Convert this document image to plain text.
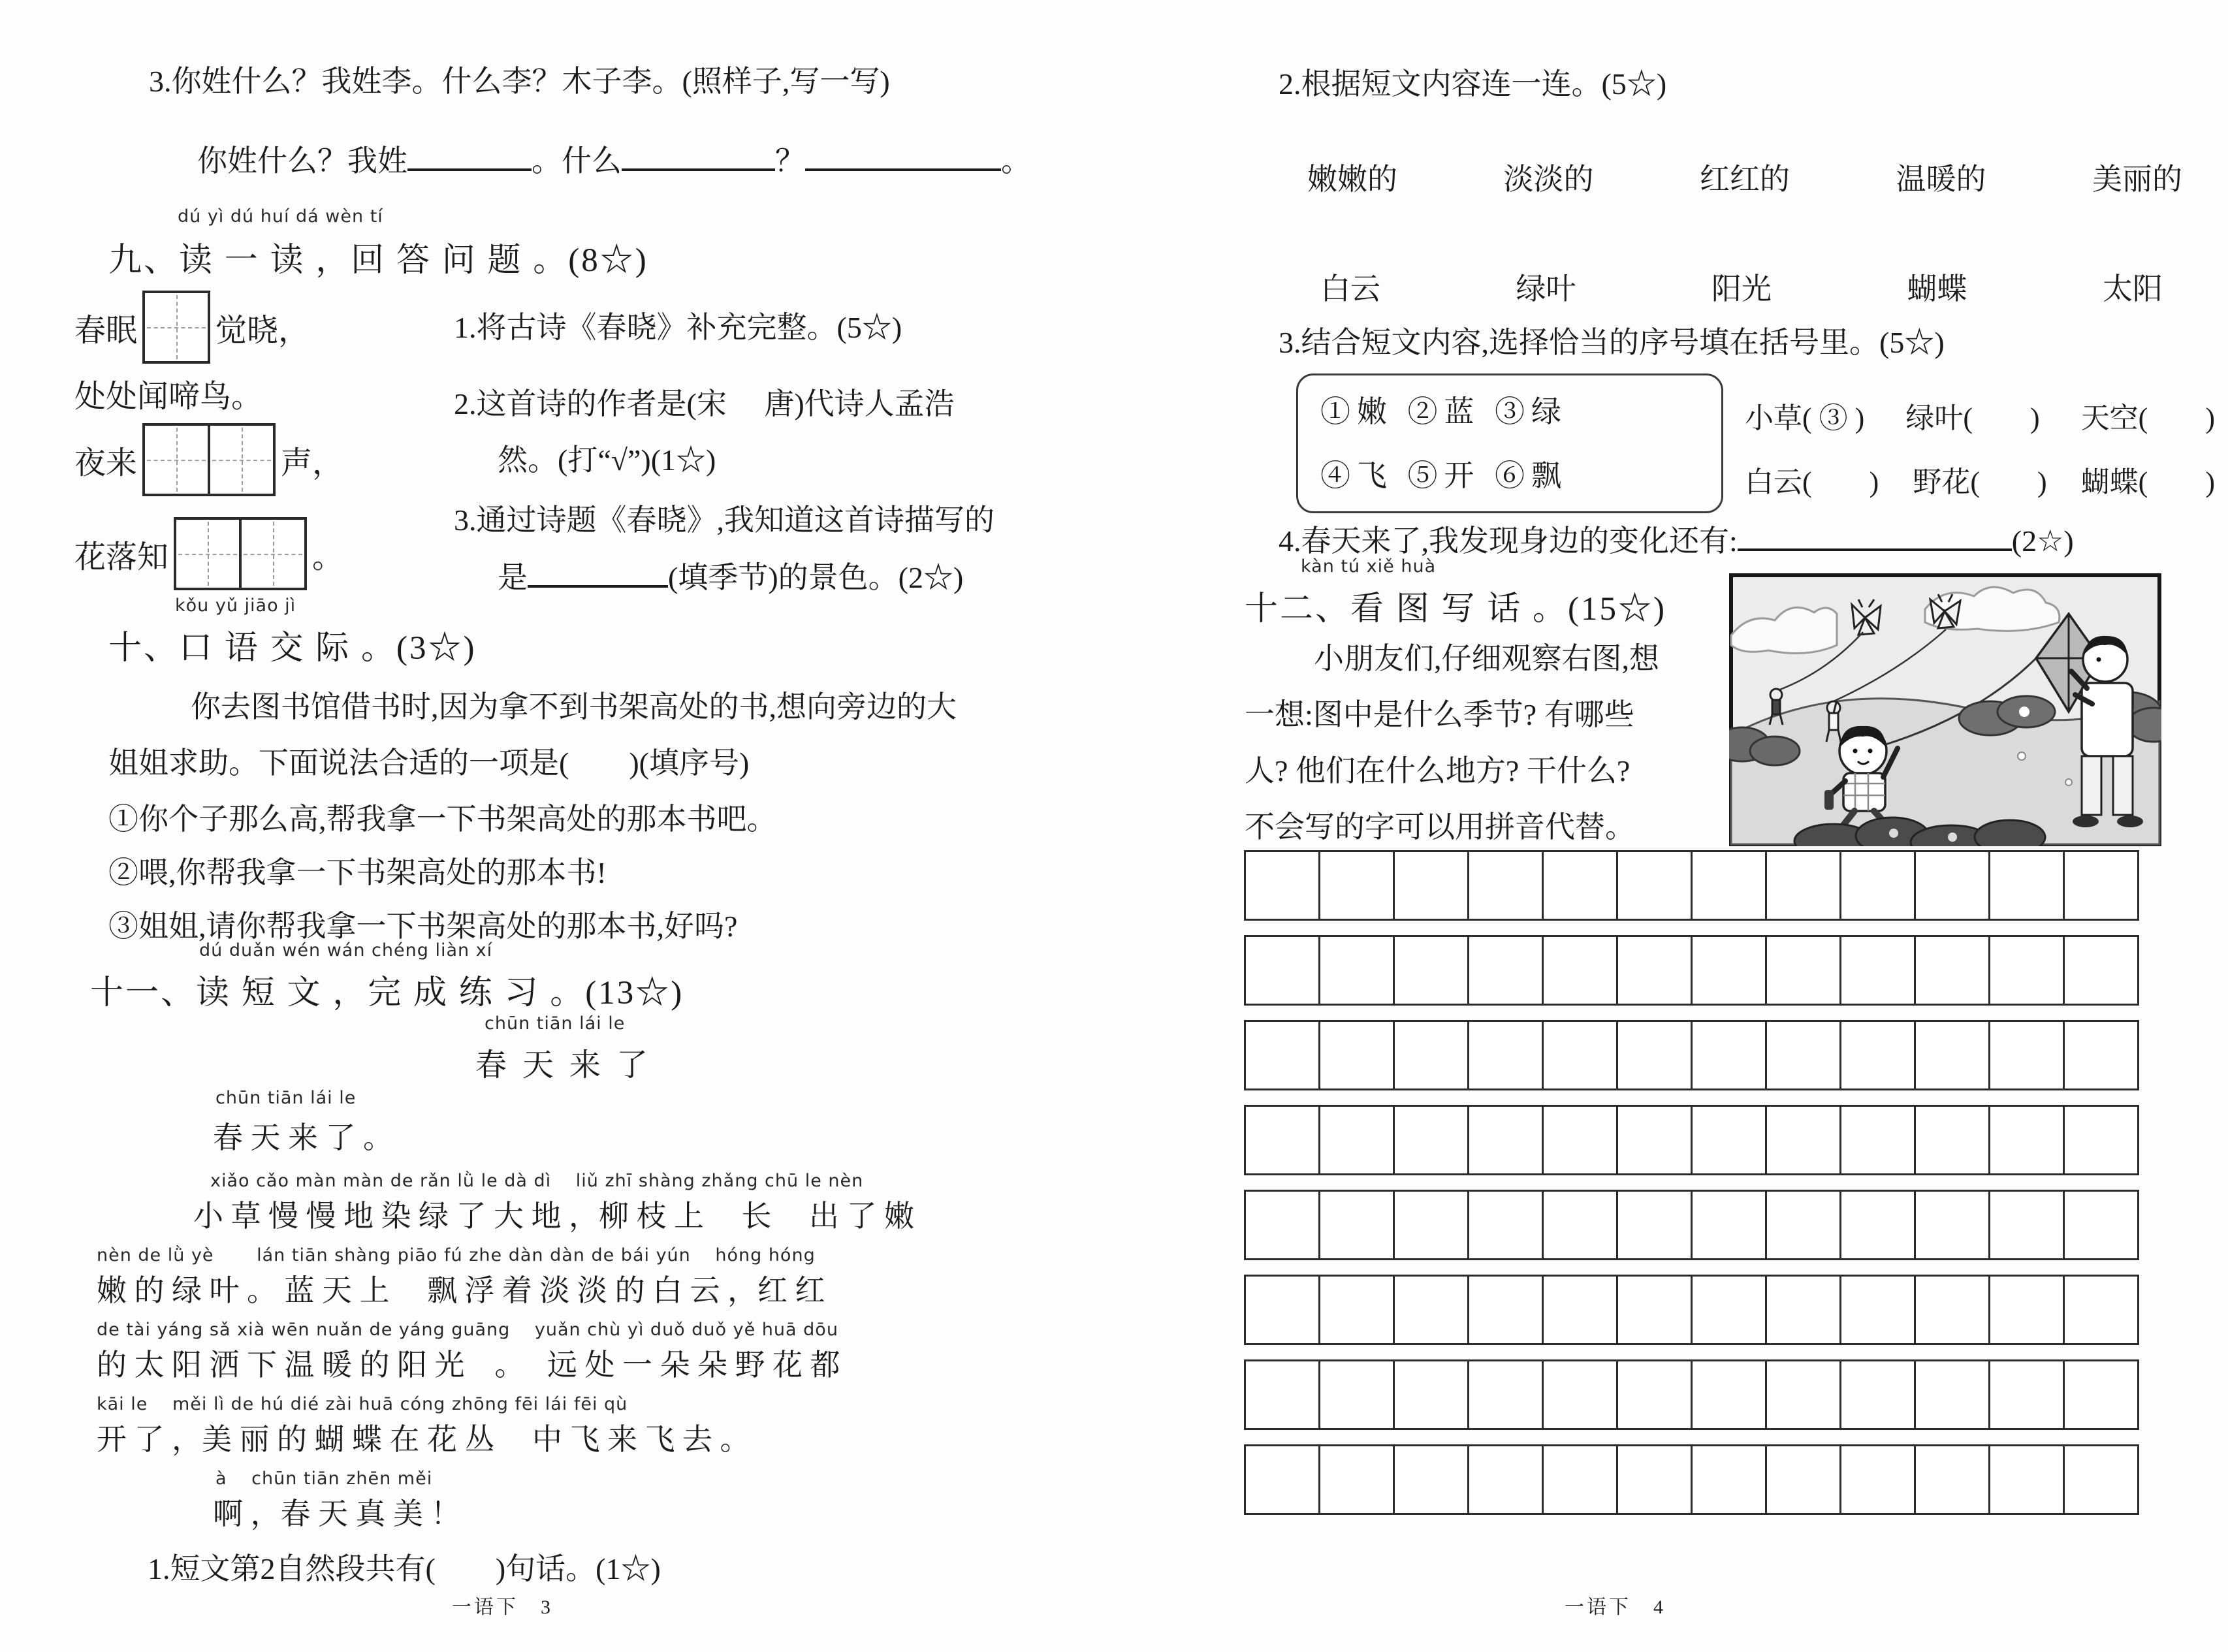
3.你姓什么？我姓李。什么李？木子李。(照样子,写一写)
你姓什么？我姓	。什么	？	。
dú yì dú huí dá wèn tí
九、读 一 读 ，回 答 问 题 。(8☆)
春眠	觉晓，
处处闻啼鸟。
夜来	声，
花落知	。
1.将古诗《春晓》补充完整。(5☆)
2.这首诗的作者是(宋　 唐)代诗人孟浩
然。(打“√”)(1☆)
3.通过诗题《春晓》,我知道这首诗描写的
是	(填季节)的景色。(2☆)
kǒu yǔ jiāo jì
十、口 语 交 际 。(3☆)
你去图书馆借书时,因为拿不到书架高处的书,想向旁边的大
姐姐求助。下面说法合适的一项是(　　)(填序号)
①你个子那么高,帮我拿一下书架高处的那本书吧。
②喂,你帮我拿一下书架高处的那本书!
③姐姐,请你帮我拿一下书架高处的那本书,好吗?
dú duǎn wén wán chéng liàn xí
十一、读 短 文 ，完 成 练 习 。(13☆)
chūn tiān lái le
春 天 来 了
chūn tiān lái le
春 天 来 了 。
xiǎo cǎo màn màn de rǎn lǜ le dà dì　 liǔ zhī shàng zhǎng chū le nèn
小 草 慢 慢 地 染 绿 了 大 地 ，柳 枝 上　 长　 出 了 嫩
nèn de lǜ yè　　 lán tiān shàng piāo fú zhe dàn dàn de bái yún　 hóng hóng
嫩 的 绿 叶 。 蓝 天 上　 飘 浮 着 淡 淡 的 白 云 ，红 红
de tài yáng sǎ xià wēn nuǎn de yáng guāng　 yuǎn chù yì duǒ duǒ yě huā dōu
的 太 阳 洒 下 温 暖 的 阳 光　。　 远 处 一 朵 朵 野 花 都
kāi le　 měi lì de hú dié zài huā cóng zhōng fēi lái fēi qù
开 了 ，美 丽 的 蝴 蝶 在 花 丛　 中 飞 来 飞 去 。
à　 chūn tiān zhēn měi
啊 ，春 天 真 美 ！
1.短文第2自然段共有(　　)句话。(1☆)
一语下　3
2.根据短文内容连一连。(5☆)
嫩嫩的	淡淡的	红红的	温暖的	美丽的
白云	绿叶	阳光	蝴蝶	太阳
3.结合短文内容,选择恰当的序号填在括号里。(5☆)
①嫩 ②蓝 ③绿
④飞 ⑤开 ⑥飘
小草( ③ ) 绿叶(　　) 天空(　　)
白云(　　) 野花(　　) 蝴蝶(　　)
4.春天来了,我发现身边的变化还有:	(2☆)
kàn tú xiě huà
十二、看 图 写 话 。(15☆)
小朋友们,仔细观察右图,想
一想:图中是什么季节? 有哪些
人? 他们在什么地方? 干什么?
不会写的字可以用拼音代替。
一语下　4
